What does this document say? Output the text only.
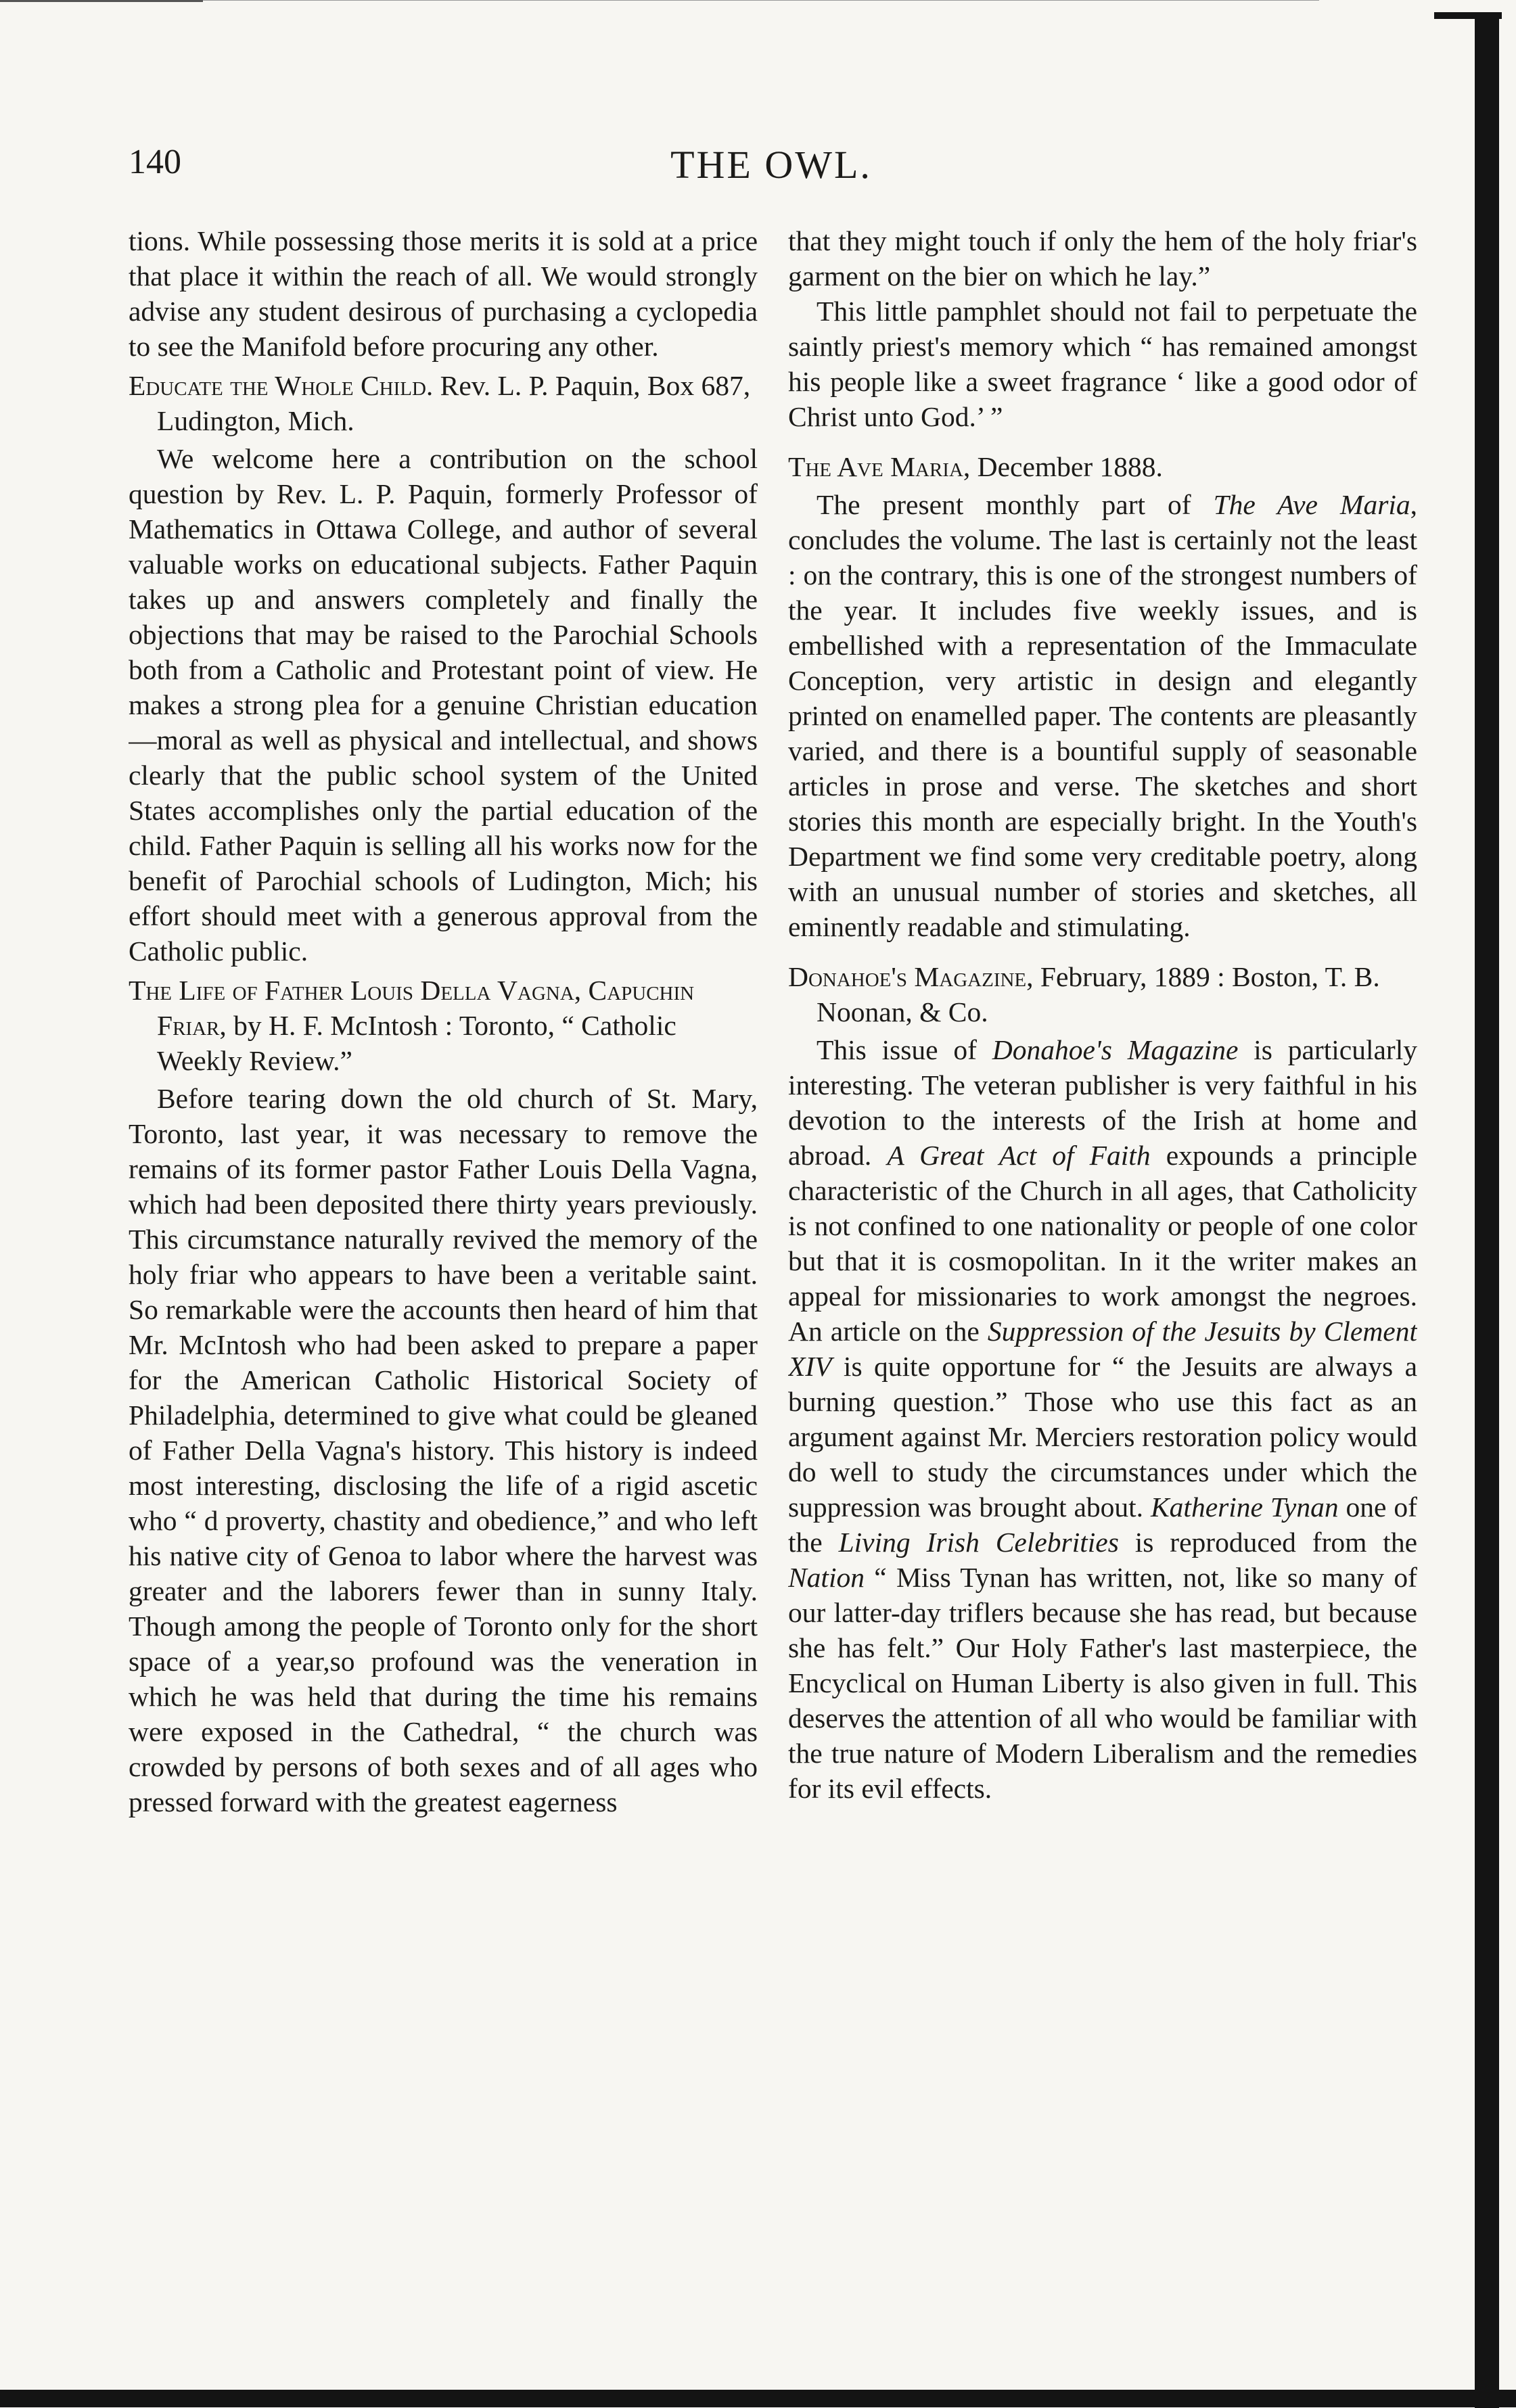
140	THE OWL.

tions. While possessing those merits it is sold at a price that place it within the reach of all. We would strongly advise any student desirous of purchasing a cyclopedia to see the Manifold before procuring any other.

Educate the Whole Child. Rev. L. P. Paquin, Box 687, Ludington, Mich.

We welcome here a contribution on the school question by Rev. L. P. Paquin, formerly Professor of Mathematics in Ottawa College, and author of several valuable works on educational subjects. Father Paquin takes up and answers completely and finally the objections that may be raised to the Parochial Schools both from a Catholic and Protestant point of view. He makes a strong plea for a genuine Christian education—moral as well as physical and intellectual, and shows clearly that the public school system of the United States accomplishes only the partial education of the child. Father Paquin is selling all his works now for the benefit of Parochial schools of Ludington, Mich; his effort should meet with a generous approval from the Catholic public.

The Life of Father Louis Della Vagna, Capuchin Friar, by H. F. McIntosh : Toronto, “ Catholic Weekly Review.”

Before tearing down the old church of St. Mary, Toronto, last year, it was necessary to remove the remains of its former pastor Father Louis Della Vagna, which had been deposited there thirty years previously. This circumstance naturally revived the memory of the holy friar who appears to have been a veritable saint. So remarkable were the accounts then heard of him that Mr. McIntosh who had been asked to prepare a paper for the American Catholic Historical Society of Philadelphia, determined to give what could be gleaned of Father Della Vagna's history. This history is indeed most interesting, disclosing the life of a rigid ascetic who “ d proverty, chastity and obedience,” and who left his native city of Genoa to labor where the harvest was greater and the laborers fewer than in sunny Italy. Though among the people of Toronto only for the short space of a year,so profound was the veneration in which he was held that during the time his remains were exposed in the Cathedral, “ the church was crowded by persons of both sexes and of all ages who pressed forward with the greatest eagerness

that they might touch if only the hem of the holy friar's garment on the bier on which he lay.”

This little pamphlet should not fail to perpetuate the saintly priest's memory which “ has remained amongst his people like a sweet fragrance ‘ like a good odor of Christ unto God.’ ”

The Ave Maria, December 1888.

The present monthly part of The Ave Maria, concludes the volume. The last is certainly not the least : on the contrary, this is one of the strongest numbers of the year. It includes five weekly issues, and is embellished with a representation of the Immaculate Conception, very artistic in design and elegantly printed on enamelled paper. The contents are pleasantly varied, and there is a bountiful supply of seasonable articles in prose and verse. The sketches and short stories this month are especially bright. In the Youth's Department we find some very creditable poetry, along with an unusual number of stories and sketches, all eminently readable and stimulating.

Donahoe's Magazine, February, 1889 : Boston, T. B. Noonan, & Co.

This issue of Donahoe's Magazine is particularly interesting. The veteran publisher is very faithful in his devotion to the interests of the Irish at home and abroad. A Great Act of Faith expounds a principle characteristic of the Church in all ages, that Catholicity is not confined to one nationality or people of one color but that it is cosmopolitan. In it the writer makes an appeal for missionaries to work amongst the negroes. An article on the Suppression of the Jesuits by Clement XIV is quite opportune for “ the Jesuits are always a burning question.” Those who use this fact as an argument against Mr. Merciers restoration policy would do well to study the circumstances under which the suppression was brought about. Katherine Tynan one of the Living Irish Celebrities is reproduced from the Nation “ Miss Tynan has written, not, like so many of our latter-day triflers because she has read, but because she has felt.” Our Holy Father's last masterpiece, the Encyclical on Human Liberty is also given in full. This deserves the attention of all who would be familiar with the true nature of Modern Liberalism and the remedies for its evil effects.
